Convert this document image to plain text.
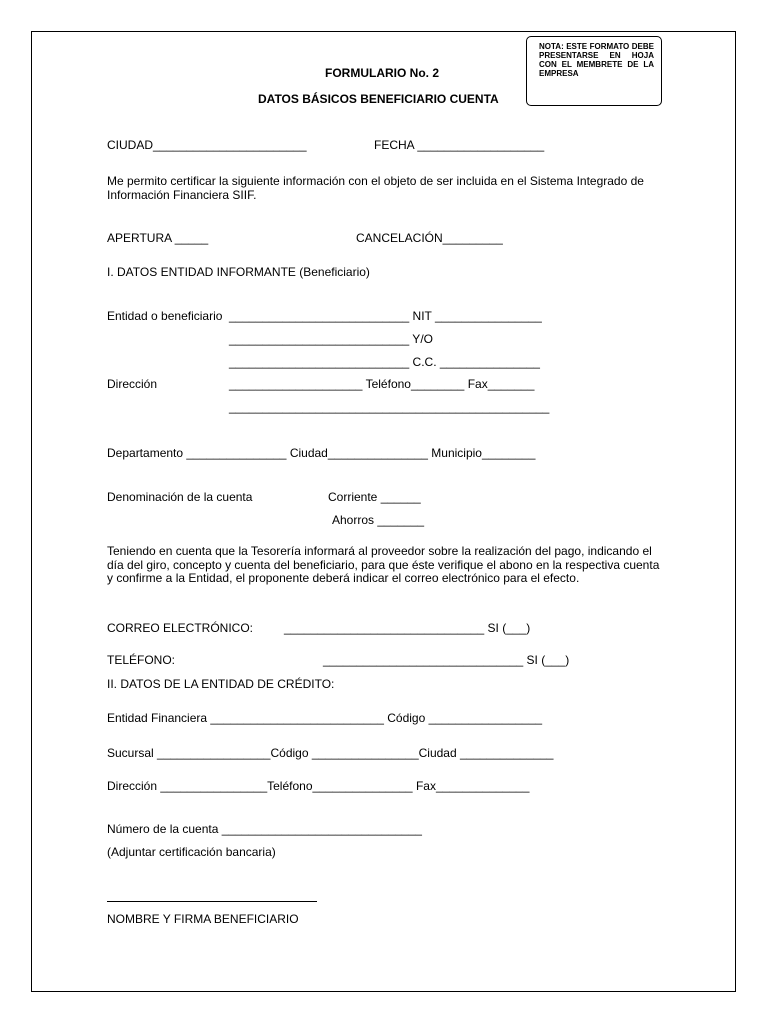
FORMULARIO No. 2
DATOS BÁSICOS BENEFICIARIO CUENTA
NOTA: ESTE FORMATO DEBE PRESENTARSE EN HOJA CON EL MEMBRETE DE LA EMPRESA
CIUDAD_______________________	FECHA ___________________
Me permito certificar la siguiente información con el objeto de ser incluida en el Sistema Integrado de Información Financiera SIIF.
APERTURA _____	CANCELACIÓN_________
I. DATOS ENTIDAD INFORMANTE (Beneficiario)
Entidad o beneficiario ___________________________ NIT ________________
___________________________ Y/O
___________________________ C.C. _______________
Dirección	____________________ Teléfono________ Fax_______
________________________________________________
Departamento _______________ Ciudad_______________ Municipio________
Denominación de la cuenta	Corriente ______
Ahorros _______
Teniendo en cuenta que la Tesorería informará al proveedor sobre la realización del pago, indicando el día del giro, concepto y cuenta del beneficiario, para que éste verifique el abono en la respectiva cuenta y confirme a la Entidad, el proponente deberá indicar el correo electrónico para el efecto.
CORREO ELECTRÓNICO:	______________________________ SI (___)
TELÉFONO:	______________________________ SI (___)
II. DATOS DE LA ENTIDAD DE CRÉDITO:
Entidad Financiera __________________________ Código _________________
Sucursal _________________Código ________________Ciudad ______________
Dirección ________________Teléfono_______________ Fax______________
Número de la cuenta ______________________________
(Adjuntar certificación bancaria)
NOMBRE Y FIRMA BENEFICIARIO
